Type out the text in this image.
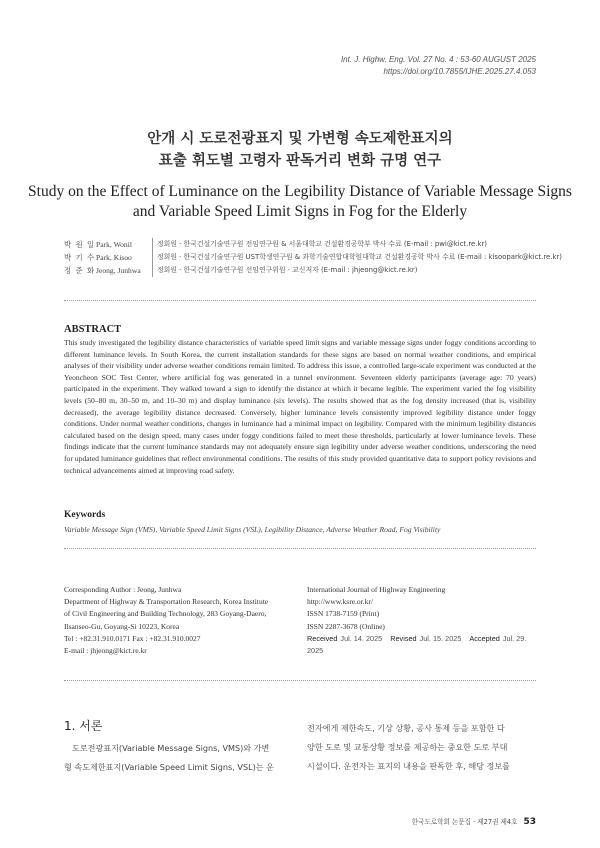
Int. J. Highw. Eng. Vol. 27 No. 4 : 53-60 AUGUST 2025
https://doi.org/10.7855/IJHE.2025.27.4.053
안개 시 도로전광표지 및 가변형 속도제한표지의
표출 휘도별 고령자 판독거리 변화 규명 연구
Study on the Effect of Luminance on the Legibility Distance of Variable Message Signs
and Variable Speed Limit Signs in Fog for the Elderly
박 원 일 Park, Wonil	정회원 · 한국건설기술연구원 전임연구원 & 서울대학교 건설환경공학부 박사 수료 (E-mail : pwi@kict.re.kr)
박 기 수 Park, Kisoo	정회원 · 한국건설기술연구원 UST학생연구원 & 과학기술연합대학원대학교 건설환경공학 박사 수료 (E-mail : kisoopark@kict.re.kr)
정 준 화 Jeong, Junhwa	정회원 · 한국건설기술연구원 선임연구위원 · 교신저자 (E-mail : jhjeong@kict.re.kr)
ABSTRACT
This study investigated the legibility distance characteristics of variable speed limit signs and variable message signs under foggy conditions according to different luminance levels. In South Korea, the current installation standards for these signs are based on normal weather conditions, and empirical analyses of their visibility under adverse weather conditions remain limited. To address this issue, a controlled large-scale experiment was conducted at the Yeoncheon SOC Test Center, where artificial fog was generated in a tunnel environment. Seventeen elderly participants (average age: 70 years) participated in the experiment. They walked toward a sign to identify the distance at which it became legible. The experiment varied the fog visibility levels (50–80 m, 30–50 m, and 10–30 m) and display luminance (six levels). The results showed that as the fog density increased (that is, visibility decreased), the average legibility distance decreased. Conversely, higher luminance levels consistently improved legibility distance under foggy conditions. Under normal weather conditions, changes in luminance had a minimal impact on legibility. Compared with the minimum legibility distances calculated based on the design speed, many cases under foggy conditions failed to meet these thresholds, particularly at lower luminance levels. These findings indicate that the current luminance standards may not adequately ensure sign legibility under adverse weather conditions, underscoring the need for updated luminance guidelines that reflect environmental conditions. The results of this study provided quantitative data to support policy revisions and technical advancements aimed at improving road safety.
Keywords
Variable Message Sign (VMS), Variable Speed Limit Signs (VSL), Legibility Distance, Adverse Weather Road, Fog Visibility
Corresponding Author : Jeong, Junhwa
Department of Highway & Transportation Research, Korea Institute
of Civil Engineering and Building Technology, 283 Goyang-Daero,
Ilsanseo-Gu, Goyang-Si 10223, Korea
Tel : +82.31.910.0171 Fax : +82.31.910.0027
E-mail : jhjeong@kict.re.kr
International Journal of Highway Engineering
http://www.ksre.or.kr/
ISSN 1738-7159 (Print)
ISSN 2287-3678 (Online)
Received Jul. 14. 2025 Revised Jul. 15. 2025 Accepted Jul. 29. 2025
1. 서론
도로전광표지(Variable Message Signs, VMS)와 가변
형 속도제한표지(Variable Speed Limit Signs, VSL)는 운
전자에게 제한속도, 기상 상황, 공사 통제 등을 포함한 다
양한 도로 및 교통상황 정보를 제공하는 중요한 도로 부대
시설이다. 운전자는 표지의 내용을 판독한 후, 해당 정보를
한국도로학회 논문집 · 제27권 제4호 53
